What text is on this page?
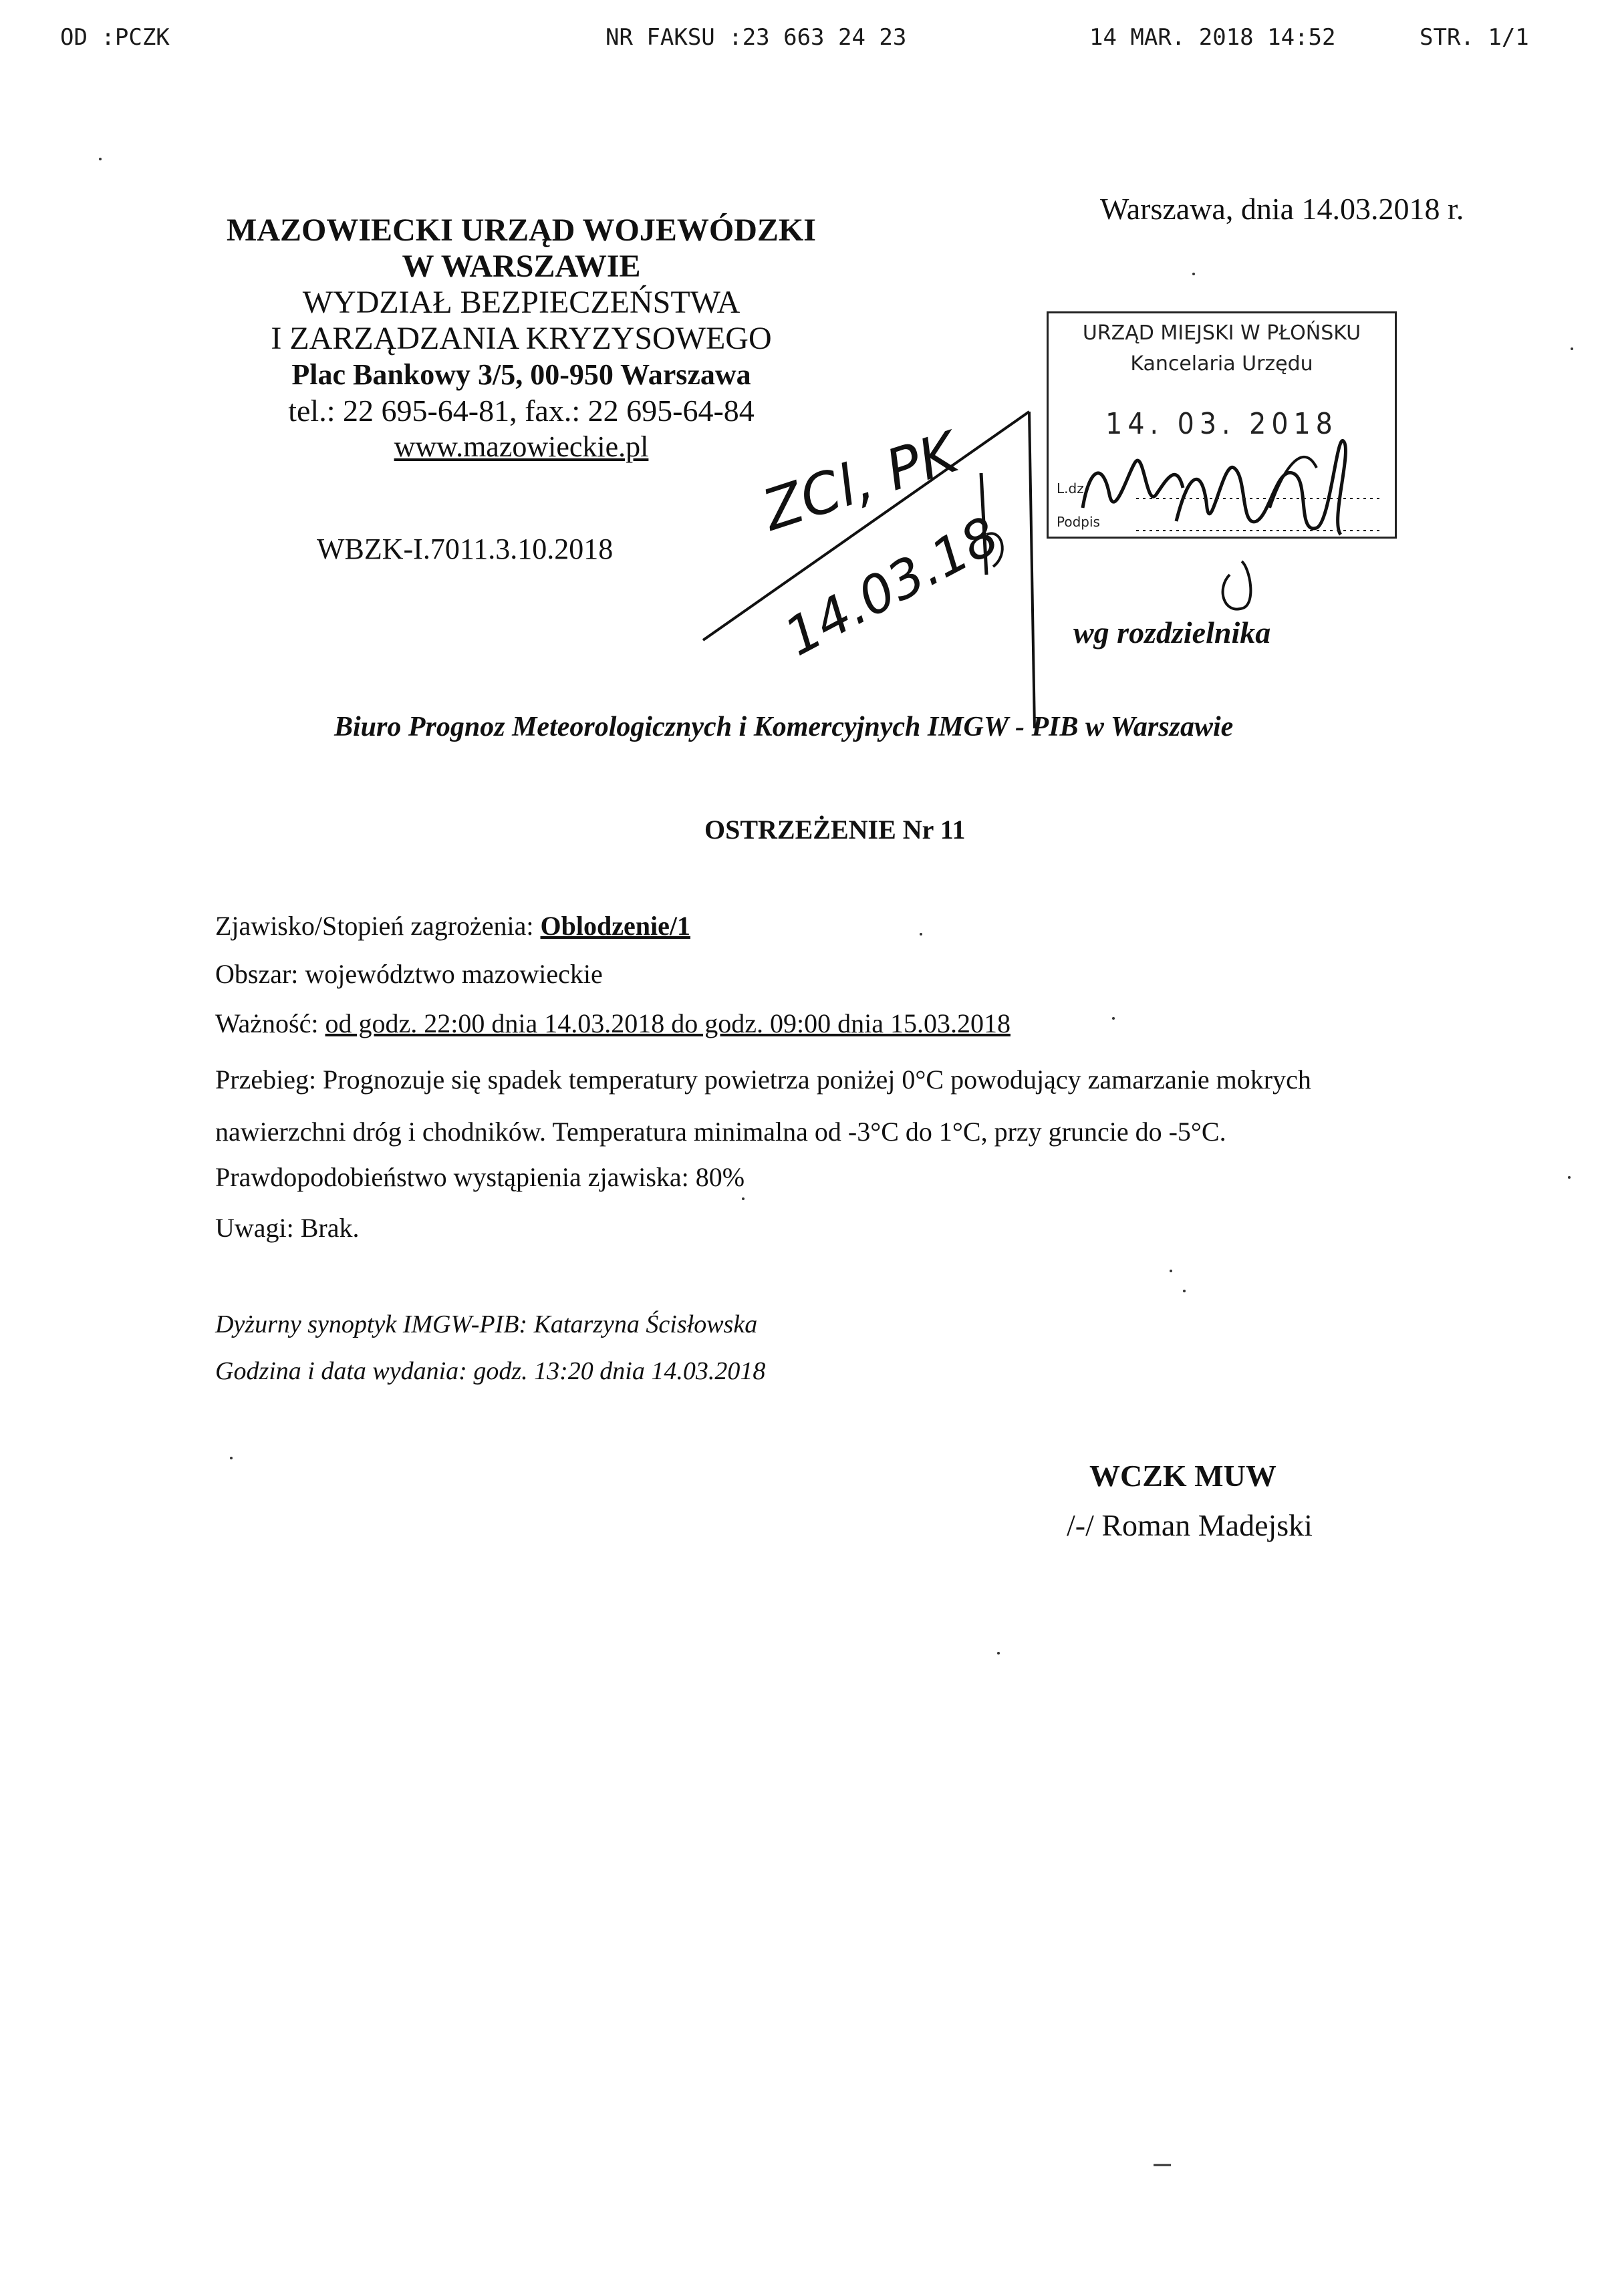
OD :PCZK	NR FAKSU :23 663 24 23	14 MAR. 2018 14:52	STR. 1/1
MAZOWIECKI URZĄD WOJEWÓDZKI
W WARSZAWIE
WYDZIAŁ BEZPIECZEŃSTWA
I ZARZĄDZANIA KRYZYSOWEGO
Plac Bankowy 3/5, 00-950 Warszawa
tel.: 22 695-64-81, fax.: 22 695-64-84
www.mazowieckie.pl
Warszawa, dnia 14.03.2018 r.
URZĄD MIEJSKI W PŁOŃSKU
Kancelaria Urzędu
14. 03. 2018
L.dz.
Podpis
WBZK-I.7011.3.10.2018
ZCl, PK
14.03.18 wg rozdzielnika
Biuro Prognoz Meteorologicznych i Komercyjnych IMGW - PIB w Warszawie
OSTRZEŻENIE Nr 11
Zjawisko/Stopień zagrożenia: Oblodzenie/1
Obszar: województwo mazowieckie
Ważność: od godz. 22:00 dnia 14.03.2018 do godz. 09:00 dnia 15.03.2018
Przebieg: Prognozuje się spadek temperatury powietrza poniżej 0°C powodujący zamarzanie mokrych
nawierzchni dróg i chodników. Temperatura minimalna od -3°C do 1°C, przy gruncie do -5°C.
Prawdopodobieństwo wystąpienia zjawiska: 80%
Uwagi: Brak.
Dyżurny synoptyk IMGW-PIB: Katarzyna Ścisłowska
Godzina i data wydania: godz. 13:20 dnia 14.03.2018
WCZK MUW
/-/ Roman Madejski
